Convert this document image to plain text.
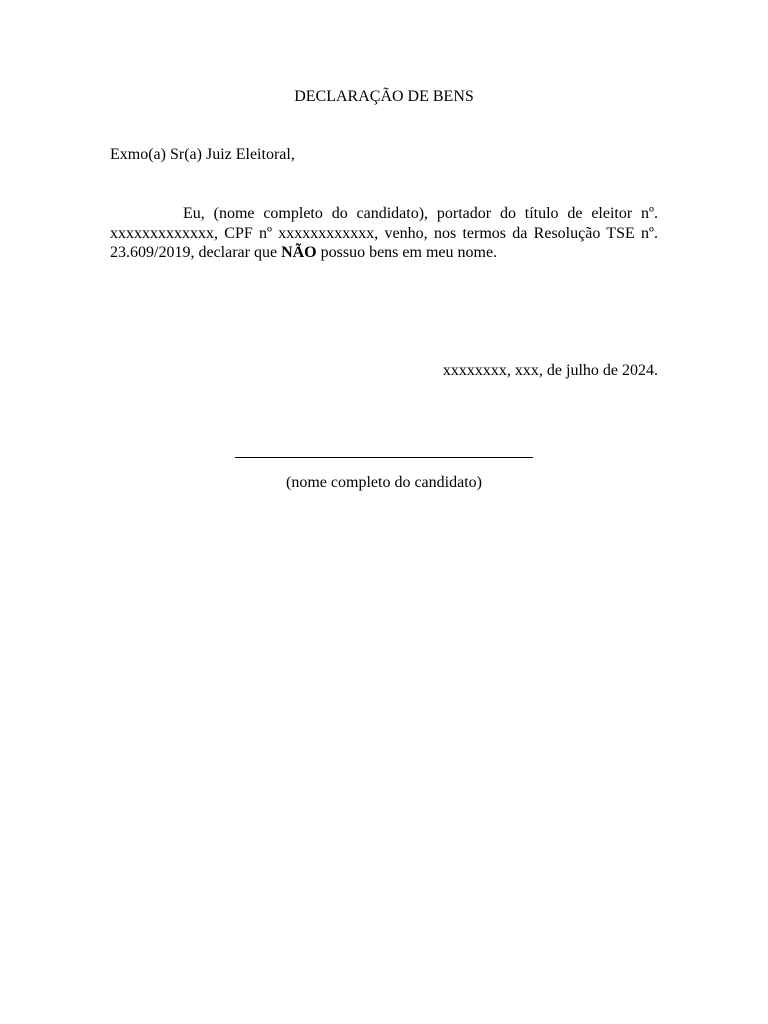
DECLARAÇÃO DE BENS
Exmo(a) Sr(a) Juiz Eleitoral,

Eu, (nome completo do candidato), portador do título de eleitor nº. xxxxxxxxxxxxx, CPF nº xxxxxxxxxxxx, venho, nos termos da Resolução TSE nº. 23.609/2019, declarar que NÃO possuo bens em meu nome.

xxxxxxxx, xxx, de julho de 2024.
(nome completo do candidato)
